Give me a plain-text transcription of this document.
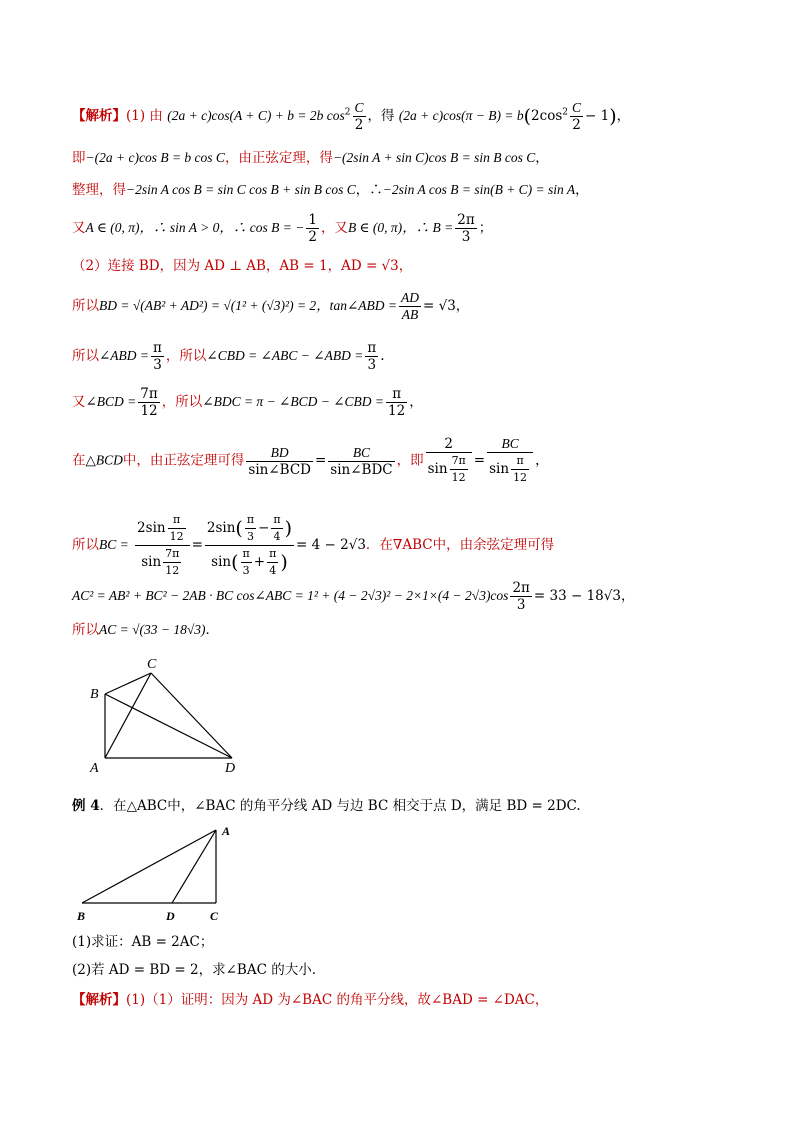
【解析】(1) 由 (2a + c)cos(A + C) + b = 2b $\cos^2 \frac{C}{2}$ ，得 $(2a + c)\cos(\pi - B) = b(2\cos^2 \frac{C}{2} - 1)$，
即−(2a + c)cos B = b cos C，由正弦定理，得−(2sin A + sin C)cos B = sin B cos C，
整理，得−2sin A cos B = sin C cos B + sin B cos C，∴−2sin A cos B = sin(B + C) = sin A，
又A ∈ (0, π)，∴ sin A > 0，∴ cos B = − $\frac{1}{2}$ ，又B ∈ (0, π)，∴ $B = \frac{2\pi}{3}$ ；
（2）连接 BD，因为 AD ⊥ AB，AB = 1，AD = √3，
所以BD = √(AB² + AD²) = √(1² + (√3)²) = 2，tan∠ABD = $\frac{AD}{AB} = √3$，
所以∠ABD = $\frac{\pi}{3}$ ，所以∠CBD = ∠ABC − ∠ABD = $\frac{\pi}{3}$ .
又∠BCD = $\frac{7\pi}{12}$ ，所以∠BDC = π − ∠BCD − ∠CBD = $\frac{\pi}{12}$ ，
在△BCD中，由正弦定理可得 $\frac{BD}{\text{sin∠BCD}} = \frac{BC}{\text{sin∠BDC}}$ ，即 $\frac{2}{\sin \frac{7\pi}{12}} = \frac{BC}{\sin \frac{\pi}{12}}$ ，
所以BC = $\frac{2\sin \frac{\pi}{12}}{\sin \frac{7\pi}{12}} = \frac{2\sin( \frac{\pi}{3} - \frac{\pi}{4} )}{\sin( \frac{\pi}{3} + \frac{\pi}{4} )} = 4 - 2√3$．在∇ABC中，由余弦定理可得
AC² = AB² + BC² − 2AB · BC cos∠ABC = $1^2 + (4 - 2√3)^2 - 2\times 1\times(4 - 2√3)\cos \frac{2\pi}{3} = 33 - 18√3$，
所以AC = √(33 − 18√3)．
C
B
A	D
例 4．在△ABC中，∠BAC 的角平分线 AD 与边 BC 相交于点 D，满足 BD = 2DC.
A
B	D	C
(1)求证：AB = 2AC；
(2)若 AD = BD = 2，求∠BAC 的大小.
【解析】(1)（1）证明：因为 AD 为∠BAC 的角平分线，故∠BAD = ∠DAC，
